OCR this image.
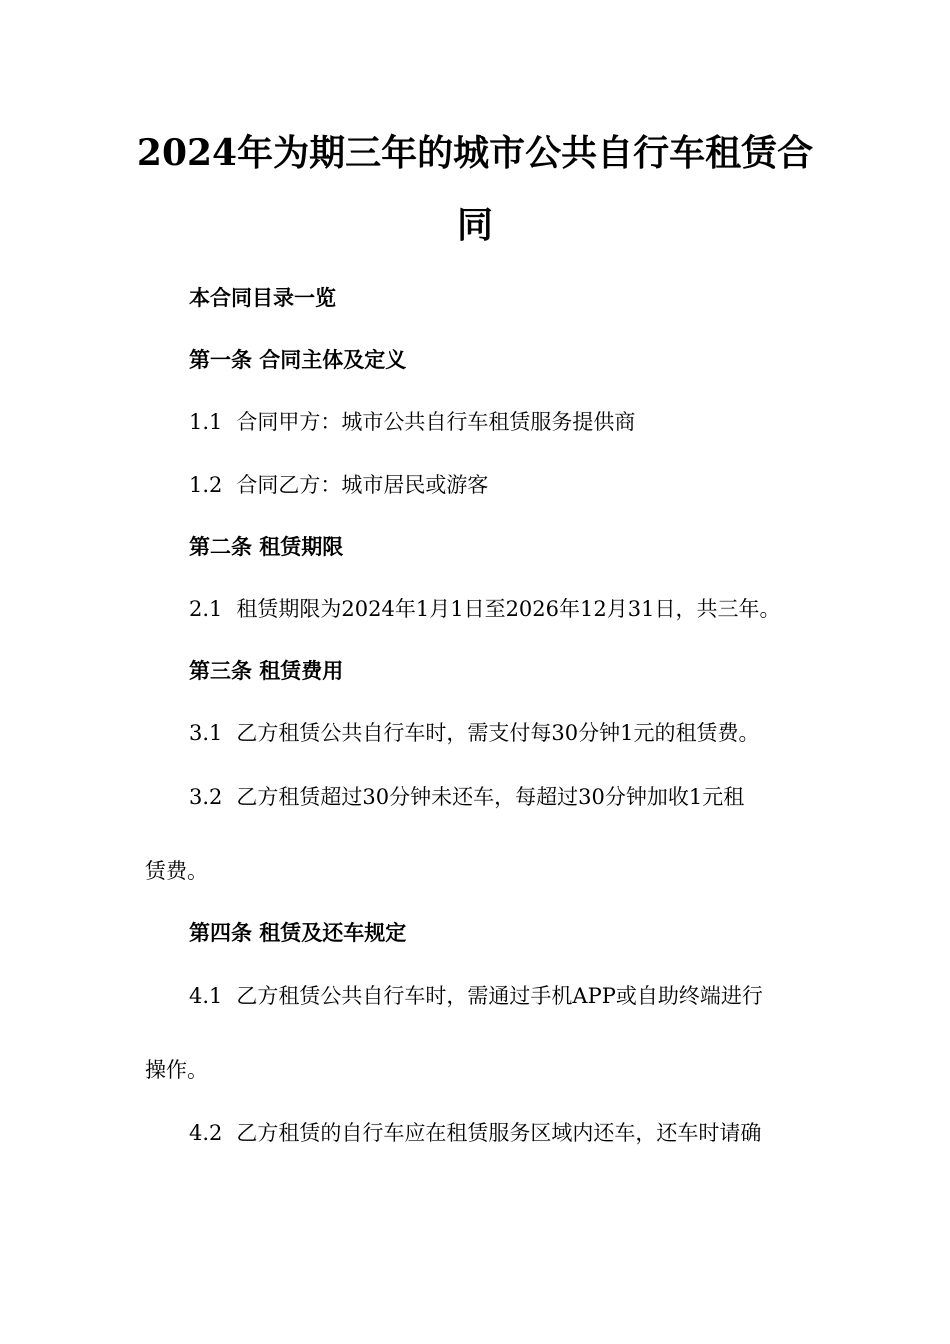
2024年为期三年的城市公共自行车租赁合
同
本合同目录一览
第一条 合同主体及定义
1.1 合同甲方：城市公共自行车租赁服务提供商
1.2 合同乙方：城市居民或游客
第二条 租赁期限
2.1 租赁期限为2024年1月1日至2026年12月31日，共三年。
第三条 租赁费用
3.1 乙方租赁公共自行车时，需支付每30分钟1元的租赁费。
3.2 乙方租赁超过30分钟未还车，每超过30分钟加收1元租
赁费。
第四条 租赁及还车规定
4.1 乙方租赁公共自行车时，需通过手机APP或自助终端进行
操作。
4.2 乙方租赁的自行车应在租赁服务区域内还车，还车时请确
